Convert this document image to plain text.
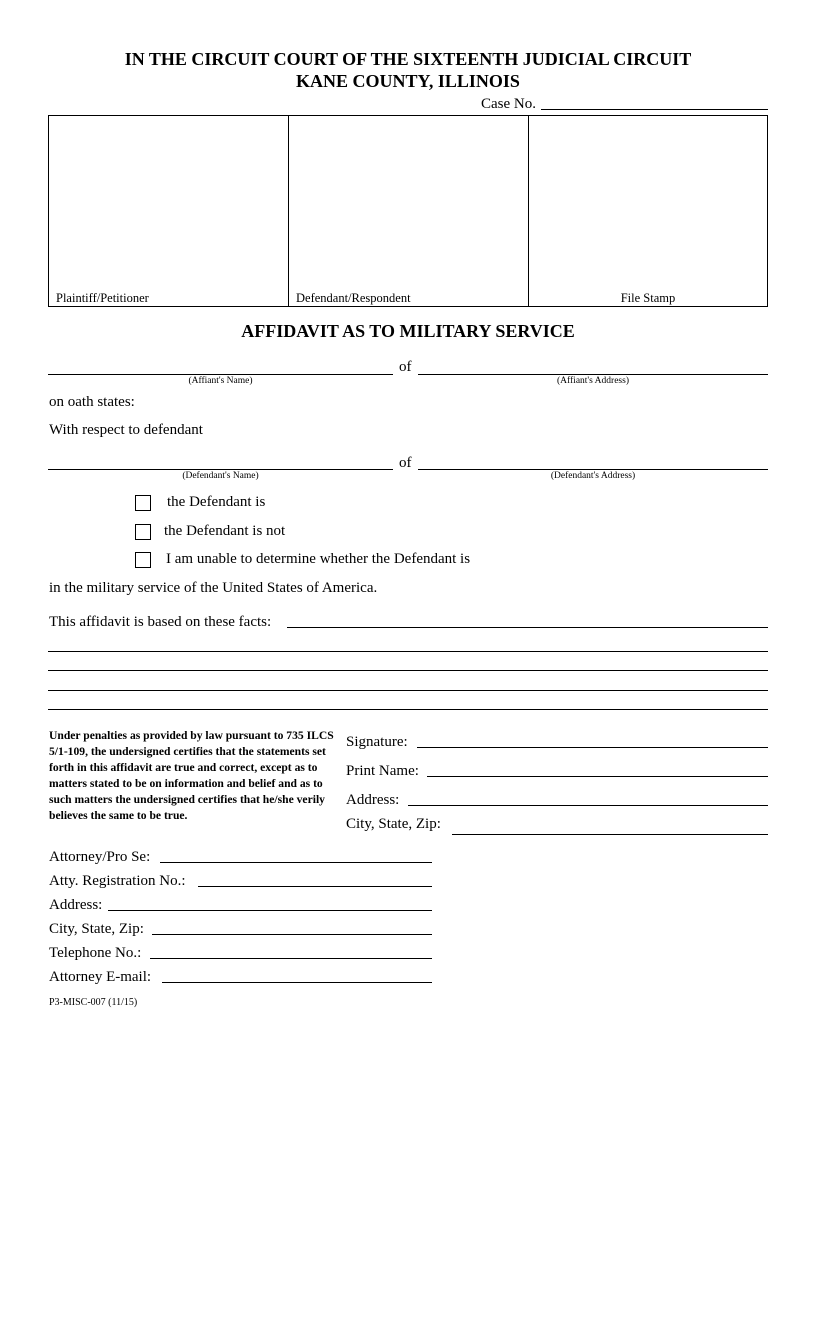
IN THE CIRCUIT COURT OF THE SIXTEENTH JUDICIAL CIRCUIT
KANE COUNTY, ILLINOIS
Case No.
Plaintiff/Petitioner	Defendant/Respondent	File Stamp
AFFIDAVIT AS TO MILITARY SERVICE
of
(Affiant's Name)	(Affiant's Address)
on oath states:
With respect to defendant
of
(Defendant's Name)	(Defendant's Address)
the Defendant is
the Defendant is not
I am unable to determine whether the Defendant is
in the military service of the United States of America.
This affidavit is based on these facts:
Under penalties as provided by law pursuant to 735 ILCS 5/1-109, the undersigned certifies that the statements set forth in this affidavit are true and correct, except as to matters stated to be on information and belief and as to such matters the undersigned certifies that he/she verily believes the same to be true.
Signature:
Print Name:
Address:
City, State, Zip:
Attorney/Pro Se:
Atty. Registration No.:
Address:
City, State, Zip:
Telephone No.:
Attorney E-mail:
P3-MISC-007 (11/15)
